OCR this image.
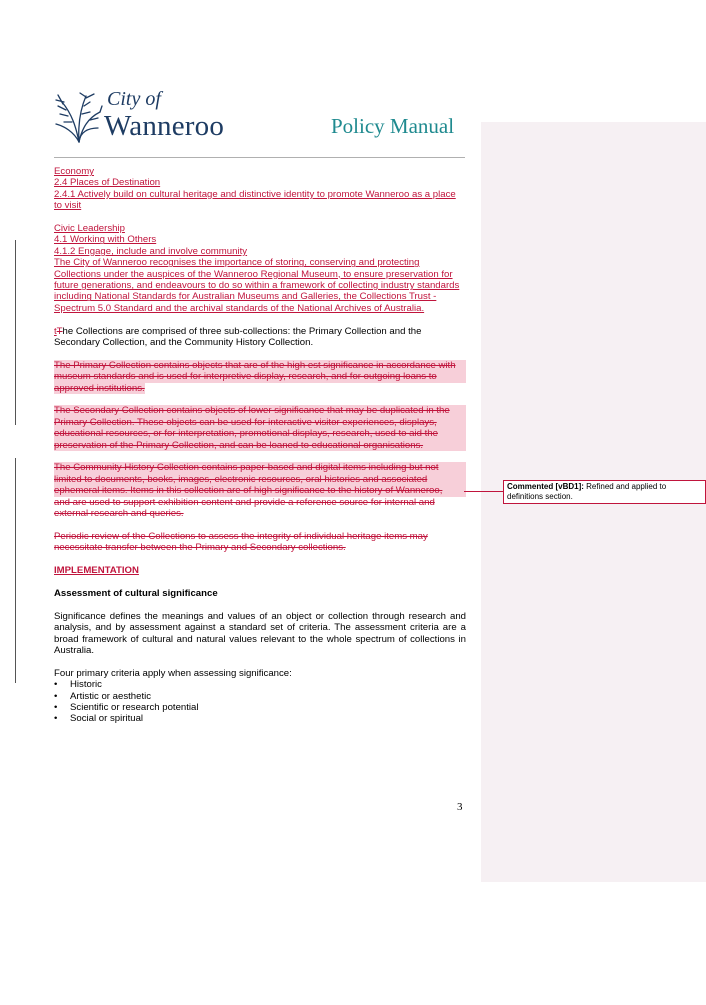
City of
Wanneroo	Policy Manual
Economy
2.4 Places of Destination
2.4.1 Actively build on cultural heritage and distinctive identity to promote Wanneroo as a place
to visit
Civic Leadership
4.1 Working with Others
4.1.2 Engage, include and involve community
The City of Wanneroo recognises the importance of storing, conserving and protecting
Collections under the auspices of the Wanneroo Regional Museum, to ensure preservation for
future generations, and endeavours to do so within a framework of collecting industry standards
including National Standards for Australian Museums and Galleries, the Collections Trust -
Spectrum 5.0 Standard and the archival standards of the National Archives of Australia.
tThe Collections are comprised of three sub-collections: the Primary Collection and the
Secondary Collection, and the Community History Collection.
The Primary Collection contains objects that are of the high est significance in accordance with
museum standards and is used for interpretive display, research, and for outgoing loans to
approved institutions.
The Secondary Collection contains objects of lower significance that may be duplicated in the
Primary Collection. These objects can be used for interactive visitor experiences, displays,
educational resources, or for interpretation, promotional displays, research, used to aid the
preservation of the Primary Collection, and can be loaned to educational organisations.
The Community History Collection contains paper-based and digital items including but not
limited to documents, books, images, electronic resources, oral histories and associated
ephemeral items. Items in this collection are of high significance to the history of Wanneroo,
and are used to support exhibition content and provide a reference source for internal and
external research and queries.
Periodic review of the Collections to assess the integrity of individual heritage items may
necessitate transfer between the Primary and Secondary collections.
IMPLEMENTATION
Assessment of cultural significance
Significance defines the meanings and values of an object or collection through research and analysis, and by assessment against a standard set of criteria. The assessment criteria are a broad framework of cultural and natural values relevant to the whole spectrum of collections in Australia.
Four primary criteria apply when assessing significance:
• Historic
• Artistic or aesthetic
• Scientific or research potential
• Social or spiritual
Commented [vBD1]: Refined and applied to definitions section.
3
